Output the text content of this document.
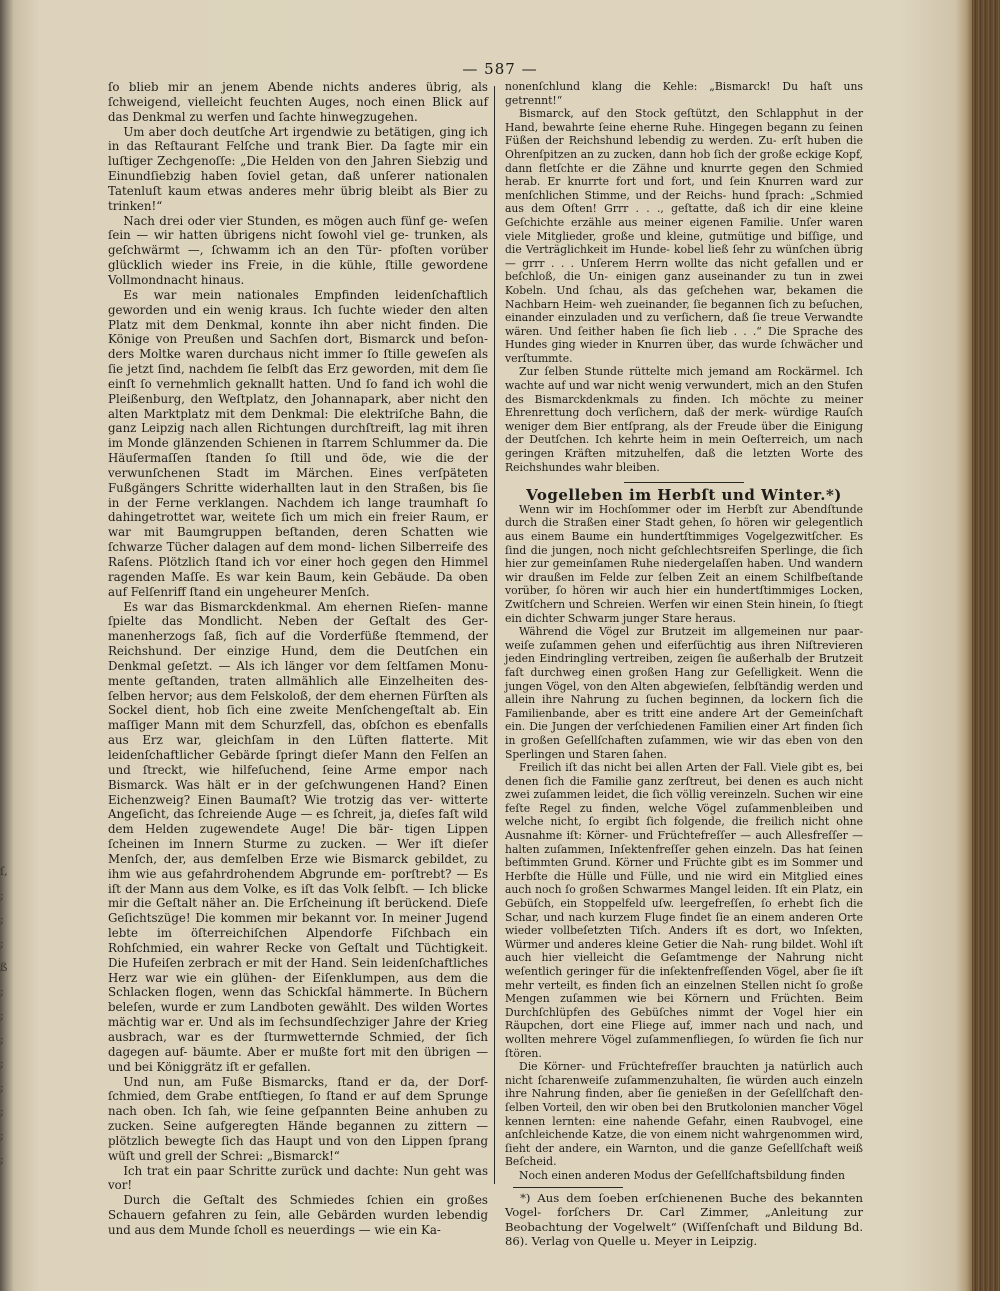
ſ, ; ; ; ß ; ; ; ; ; ; ; ;
— 587 —

ſo blieb mir an jenem Abende nichts anderes übrig, als ſchweigend, vielleicht feuchten Auges, noch einen Blick auf das Denkmal zu werfen und ſachte hinwegzugehen.

Um aber doch deutſche Art irgendwie zu betätigen, ging ich in das Reſtaurant Felſche und trank Bier. Da ſagte mir ein luſtiger Zechgenoſſe: „Die Helden von den Jahren Siebzig und Einundſiebzig haben ſoviel getan, daß unſerer nationalen Tatenluſt kaum etwas anderes mehr übrig bleibt als Bier zu trinken!“

Nach drei oder vier Stunden, es mögen auch fünf ge- weſen ſein — wir hatten übrigens nicht ſowohl viel ge- trunken, als geſchwärmt —, ſchwamm ich an den Tür- pfoſten vorüber glücklich wieder ins Freie, in die kühle, ſtille gewordene Vollmondnacht hinaus.

Es war mein nationales Empfinden leidenſchaftlich geworden und ein wenig kraus. Ich ſuchte wieder den alten Platz mit dem Denkmal, konnte ihn aber nicht finden. Die Könige von Preußen und Sachſen dort, Bismarck und beſon- ders Moltke waren durchaus nicht immer ſo ſtille geweſen als ſie jetzt ſind, nachdem ſie ſelbſt das Erz geworden, mit dem ſie einſt ſo vernehmlich geknallt hatten. Und ſo fand ich wohl die Pleißenburg, den Weſtplatz, den Johannapark, aber nicht den alten Marktplatz mit dem Denkmal: Die elektriſche Bahn, die ganz Leipzig nach allen Richtungen durchſtreift, lag mit ihren im Monde glänzenden Schienen in ſtarrem Schlummer da. Die Häuſermaſſen ſtanden ſo ſtill und öde, wie die der verwunſchenen Stadt im Märchen. Eines verſpäteten Fußgängers Schritte widerhallten laut in den Straßen, bis ſie in der Ferne verklangen. Nachdem ich lange traumhaft ſo dahingetrottet war, weitete ſich um mich ein freier Raum, er war mit Baumgruppen beſtanden, deren Schatten wie ſchwarze Tücher dalagen auf dem mond- lichen Silberreife des Raſens. Plötzlich ſtand ich vor einer hoch gegen den Himmel ragenden Maſſe. Es war kein Baum, kein Gebäude. Da oben auf Felſenriff ſtand ein ungeheurer Menſch.

Es war das Bismarckdenkmal. Am ehernen Rieſen- manne ſpielte das Mondlicht. Neben der Geſtalt des Ger- manenherzogs ſaß, ſich auf die Vorderfüße ſtemmend, der Reichshund. Der einzige Hund, dem die Deutſchen ein Denkmal geſetzt. — Als ich länger vor dem ſeltſamen Monu- mente geſtanden, traten allmählich alle Einzelheiten des- ſelben hervor; aus dem Felskoloß, der dem ehernen Fürſten als Sockel dient, hob ſich eine zweite Menſchengeſtalt ab. Ein maſſiger Mann mit dem Schurzfell, das, obſchon es ebenfalls aus Erz war, gleichſam in den Lüften flatterte. Mit leidenſchaftlicher Gebärde ſpringt dieſer Mann den Felſen an und ſtreckt, wie hilfeſuchend, ſeine Arme empor nach Bismarck. Was hält er in der geſchwungenen Hand? Einen Eichenzweig? Einen Baumaſt? Wie trotzig das ver- witterte Angeſicht, das ſchreiende Auge — es ſchreit, ja, dieſes faſt wild dem Helden zugewendete Auge! Die bär- tigen Lippen ſcheinen im Innern Sturme zu zucken. — Wer iſt dieſer Menſch, der, aus demſelben Erze wie Bismarck gebildet, zu ihm wie aus gefahrdrohendem Abgrunde em- porſtrebt? — Es iſt der Mann aus dem Volke, es iſt das Volk ſelbſt. — Ich blicke mir die Geſtalt näher an. Die Erſcheinung iſt berückend. Dieſe Geſichtszüge! Die kommen mir bekannt vor. In meiner Jugend lebte im öſterreichiſchen Alpendorfe Fiſchbach ein Rohſchmied, ein wahrer Recke von Geſtalt und Tüchtigkeit. Die Hufeiſen zerbrach er mit der Hand. Sein leidenſchaftliches Herz war wie ein glühen- der Eiſenklumpen, aus dem die Schlacken flogen, wenn das Schickſal hämmerte. In Büchern beleſen, wurde er zum Landboten gewählt. Des wilden Wortes mächtig war er. Und als im ſechsundſechziger Jahre der Krieg ausbrach, war es der ſturmwetternde Schmied, der ſich dagegen auf- bäumte. Aber er mußte fort mit den übrigen — und bei Königgrätz iſt er gefallen.

Und nun, am Fuße Bismarcks, ſtand er da, der Dorf- ſchmied, dem Grabe entſtiegen, ſo ſtand er auf dem Sprunge nach oben. Ich ſah, wie ſeine geſpannten Beine anhuben zu zucken. Seine aufgeregten Hände begannen zu zittern — plötzlich bewegte ſich das Haupt und von den Lippen ſprang wüſt und grell der Schrei: „Bismarck!“

Ich trat ein paar Schritte zurück und dachte: Nun geht was vor!

Durch die Geſtalt des Schmiedes ſchien ein großes Schauern gefahren zu ſein, alle Gebärden wurden lebendig und aus dem Munde ſcholl es neuerdings — wie ein Ka-

nonenſchlund klang die Kehle: „Bismarck! Du haſt uns getrennt!“

Bismarck, auf den Stock geſtützt, den Schlapphut in der Hand, bewahrte ſeine eherne Ruhe. Hingegen begann zu ſeinen Füßen der Reichshund lebendig zu werden. Zu- erſt huben die Ohrenſpitzen an zu zucken, dann hob ſich der große eckige Kopf, dann fletſchte er die Zähne und knurrte gegen den Schmied herab. Er knurrte fort und fort, und ſein Knurren ward zur menſchlichen Stimme, und der Reichs- hund ſprach: „Schmied aus dem Oſten! Grrr . . ., geſtatte, daß ich dir eine kleine Geſchichte erzähle aus meiner eigenen Familie. Unſer waren viele Mitglieder, große und kleine, gutmütige und biſſige, und die Verträglichkeit im Hunde- kobel ließ ſehr zu wünſchen übrig — grrr . . . Unſerem Herrn wollte das nicht gefallen und er beſchloß, die Un- einigen ganz auseinander zu tun in zwei Kobeln. Und ſchau, als das geſchehen war, bekamen die Nachbarn Heim- weh zueinander, ſie begannen ſich zu beſuchen, einander einzuladen und zu verſichern, daß ſie treue Verwandte wären. Und ſeither haben ſie ſich lieb . . .“ Die Sprache des Hundes ging wieder in Knurren über, das wurde ſchwächer und verſtummte.

Zur ſelben Stunde rüttelte mich jemand am Rockärmel. Ich wachte auf und war nicht wenig verwundert, mich an den Stufen des Bismarckdenkmals zu finden. Ich möchte zu meiner Ehrenrettung doch verſichern, daß der merk- würdige Rauſch weniger dem Bier entſprang, als der Freude über die Einigung der Deutſchen. Ich kehrte heim in mein Oeſterreich, um nach geringen Kräften mitzuhelfen, daß die letzten Worte des Reichshundes wahr bleiben.

Vogelleben im Herbſt und Winter.*)

Wenn wir im Hochſommer oder im Herbſt zur Abendſtunde durch die Straßen einer Stadt gehen, ſo hören wir gelegentlich aus einem Baume ein hundertſtimmiges Vogelgezwitſcher. Es ſind die jungen, noch nicht geſchlechtsreifen Sperlinge, die ſich hier zur gemeinſamen Ruhe niedergelaſſen haben. Und wandern wir draußen im Felde zur ſelben Zeit an einem Schilfbeſtande vorüber, ſo hören wir auch hier ein hundertſtimmiges Locken, Zwitſchern und Schreien. Werfen wir einen Stein hinein, ſo ſtiegt ein dichter Schwarm junger Stare heraus.

Während die Vögel zur Brutzeit im allgemeinen nur paar- weiſe zuſammen gehen und eiferſüchtig aus ihren Niſtrevieren jeden Eindringling vertreiben, zeigen ſie außerhalb der Brutzeit faſt durchweg einen großen Hang zur Geſelligkeit. Wenn die jungen Vögel, von den Alten abgewieſen, ſelbſtändig werden und allein ihre Nahrung zu ſuchen beginnen, da lockern ſich die Familienbande, aber es tritt eine andere Art der Gemeinſchaft ein. Die Jungen der verſchiedenen Familien einer Art finden ſich in großen Geſellſchaften zuſammen, wie wir das eben von den Sperlingen und Staren ſahen.

Freilich iſt das nicht bei allen Arten der Fall. Viele gibt es, bei denen ſich die Familie ganz zerſtreut, bei denen es auch nicht zwei zuſammen leidet, die ſich völlig vereinzeln. Suchen wir eine feſte Regel zu finden, welche Vögel zuſammenbleiben und welche nicht, ſo ergibt ſich folgende, die freilich nicht ohne Ausnahme iſt: Körner- und Früchtefreſſer — auch Allesfreſſer — halten zuſammen, Inſektenfreſſer gehen einzeln. Das hat ſeinen beſtimmten Grund. Körner und Früchte gibt es im Sommer und Herbſte die Hülle und Fülle, und nie wird ein Mitglied eines auch noch ſo großen Schwarmes Mangel leiden. Iſt ein Platz, ein Gebüſch, ein Stoppelfeld uſw. leergefreſſen, ſo erhebt ſich die Schar, und nach kurzem Fluge findet ſie an einem anderen Orte wieder vollbeſetzten Tiſch. Anders iſt es dort, wo Inſekten, Würmer und anderes kleine Getier die Nah- rung bildet. Wohl iſt auch hier vielleicht die Geſamtmenge der Nahrung nicht weſentlich geringer für die inſektenfreſſenden Vögel, aber ſie iſt mehr verteilt, es finden ſich an einzelnen Stellen nicht ſo große Mengen zuſammen wie bei Körnern und Früchten. Beim Durchſchlüpfen des Gebüſches nimmt der Vogel hier ein Räupchen, dort eine Fliege auf, immer nach und nach, und wollten mehrere Vögel zuſammenfliegen, ſo würden ſie ſich nur ſtören.

Die Körner- und Früchtefreſſer brauchten ja natürlich auch nicht ſcharenweiſe zuſammenzuhalten, ſie würden auch einzeln ihre Nahrung finden, aber ſie genießen in der Geſellſchaft den- ſelben Vorteil, den wir oben bei den Brutkolonien mancher Vögel kennen lernten: eine nahende Gefahr, einen Raubvogel, eine anſchleichende Katze, die von einem nicht wahrgenommen wird, ſieht der andere, ein Warnton, und die ganze Geſellſchaft weiß Beſcheid.

Noch einen anderen Modus der Geſellſchaftsbildung finden

*) Aus dem ſoeben erſchienenen Buche des bekannten Vogel- forſchers Dr. Carl Zimmer, „Anleitung zur Beobachtung der Vogelwelt“ (Wiſſenſchaft und Bildung Bd. 86). Verlag von Quelle u. Meyer in Leipzig.
